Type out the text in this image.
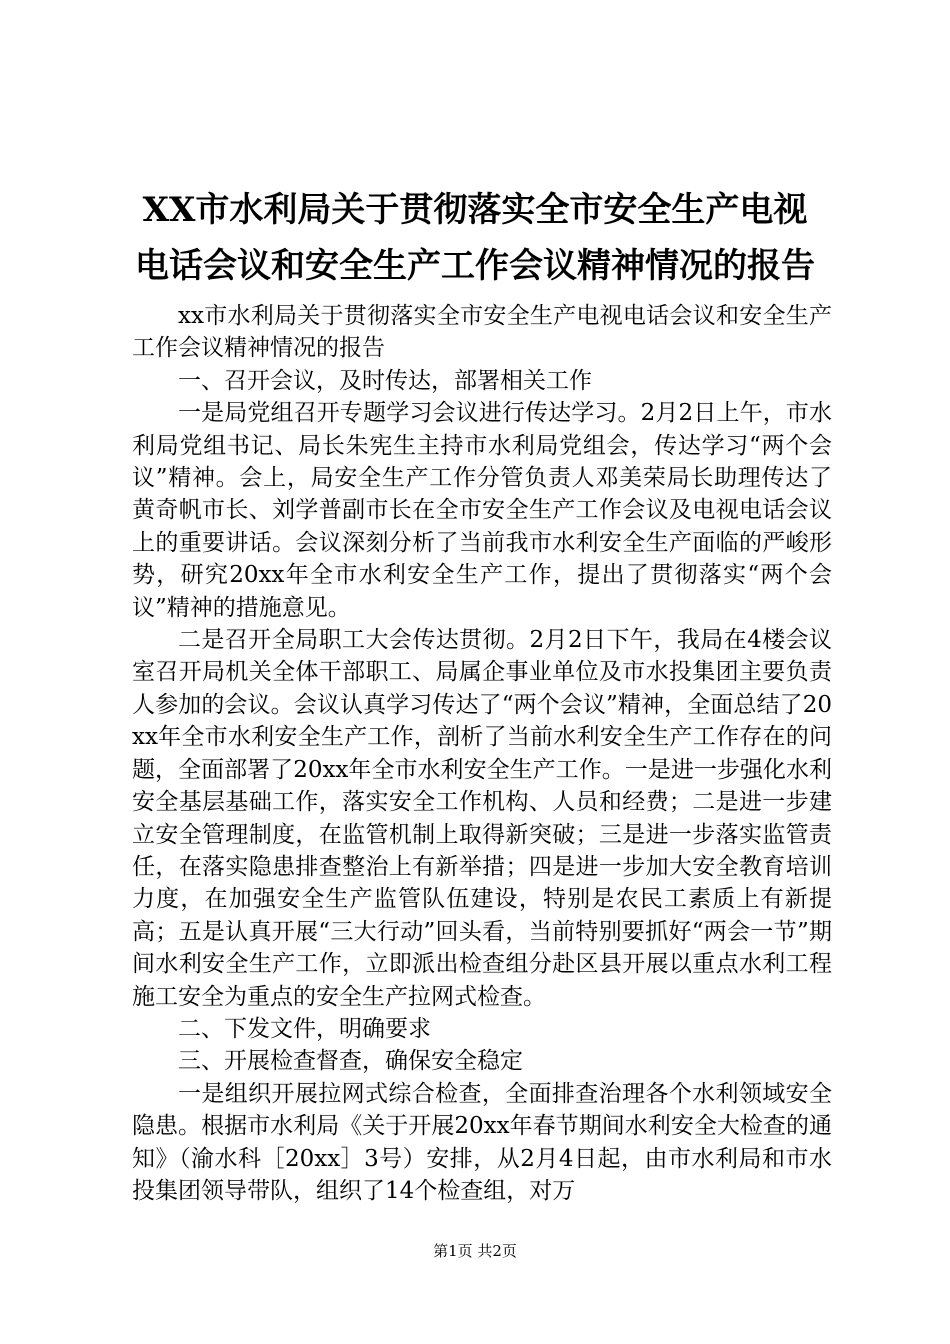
XX市水利局关于贯彻落实全市安全生产电视
电话会议和安全生产工作会议精神情况的报告

xx市水利局关于贯彻落实全市安全生产电视电话会议和安全生产工作会议精神情况的报告

一、召开会议，及时传达，部署相关工作

一是局党组召开专题学习会议进行传达学习。2月2日上午，市水利局党组书记、局长朱宪生主持市水利局党组会，传达学习“两个会议”精神。会上，局安全生产工作分管负责人邓美荣局长助理传达了黄奇帆市长、刘学普副市长在全市安全生产工作会议及电视电话会议上的重要讲话。会议深刻分析了当前我市水利安全生产面临的严峻形势，研究20xx年全市水利安全生产工作，提出了贯彻落实“两个会议”精神的措施意见。

二是召开全局职工大会传达贯彻。2月2日下午，我局在4楼会议室召开局机关全体干部职工、局属企事业单位及市水投集团主要负责人参加的会议。会议认真学习传达了“两个会议”精神，全面总结了20xx年全市水利安全生产工作，剖析了当前水利安全生产工作存在的问题，全面部署了20xx年全市水利安全生产工作。一是进一步强化水利安全基层基础工作，落实安全工作机构、人员和经费；二是进一步建立安全管理制度，在监管机制上取得新突破；三是进一步落实监管责任，在落实隐患排查整治上有新举措；四是进一步加大安全教育培训力度，在加强安全生产监管队伍建设，特别是农民工素质上有新提高；五是认真开展“三大行动”回头看，当前特别要抓好“两会一节”期间水利安全生产工作，立即派出检查组分赴区县开展以重点水利工程施工安全为重点的安全生产拉网式检查。

二、下发文件，明确要求

三、开展检查督查，确保安全稳定

一是组织开展拉网式综合检查，全面排查治理各个水利领域安全隐患。根据市水利局《关于开展20xx年春节期间水利安全大检查的通知》（渝水科［20xx］3号）安排，从2月4日起，由市水利局和市水投集团领导带队，组织了14个检查组，对万

第1页 共2页
